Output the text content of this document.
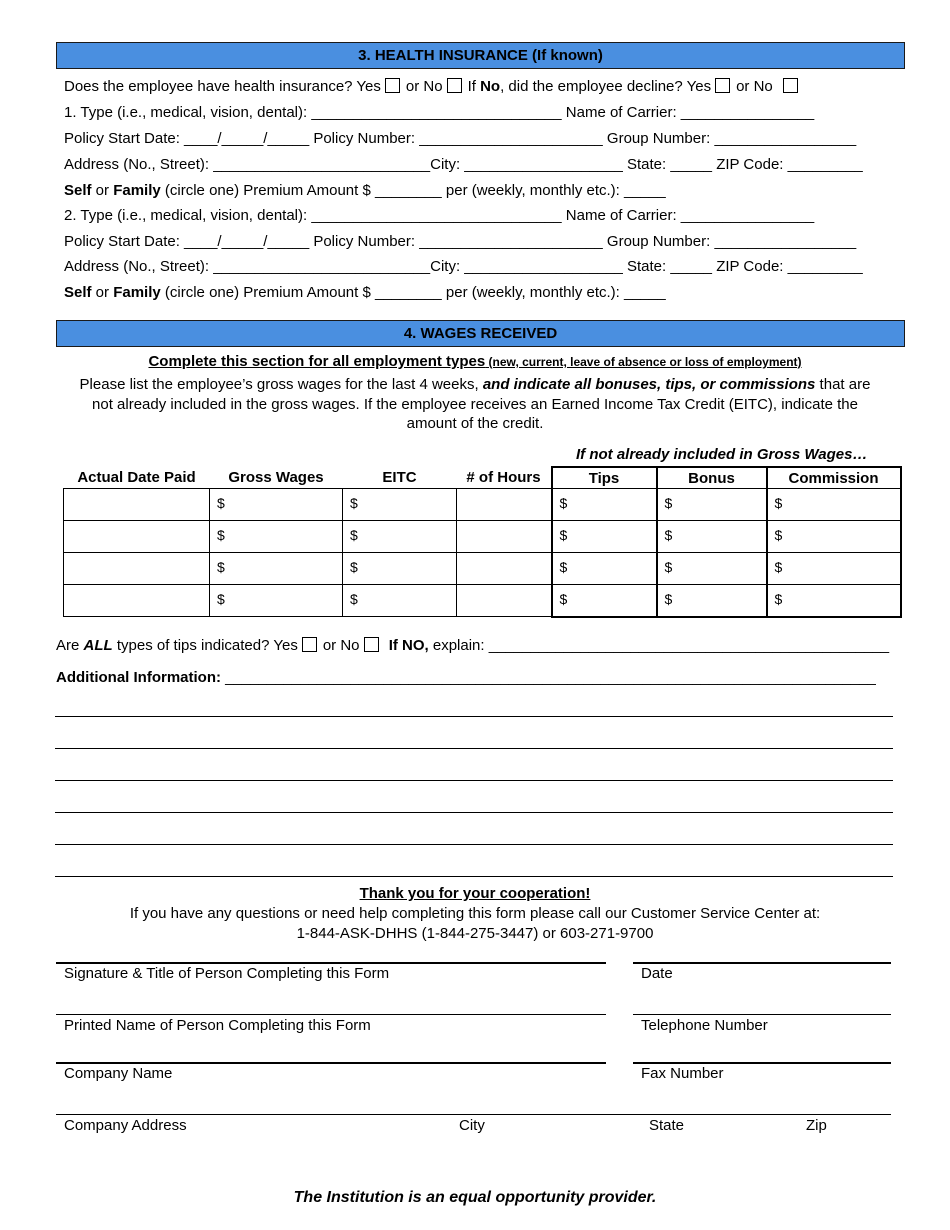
3. HEALTH INSURANCE (If known)
Does the employee have health insurance? Yes or No If No, did the employee decline? Yes or No
1. Type (i.e., medical, vision, dental): ______________________________ Name of Carrier: ________________
Policy Start Date: ____/_____/_____ Policy Number: ______________________ Group Number: _________________
Address (No., Street): __________________________City: ___________________ State: _____ ZIP Code: _________
Self or Family (circle one) Premium Amount $ ________ per (weekly, monthly etc.): _____
2. Type (i.e., medical, vision, dental): ______________________________ Name of Carrier: ________________
Policy Start Date: ____/_____/_____ Policy Number: ______________________ Group Number: _________________
Address (No., Street): __________________________City: ___________________ State: _____ ZIP Code: _________
Self or Family (circle one) Premium Amount $ ________ per (weekly, monthly etc.): _____
4. WAGES RECEIVED
Complete this section for all employment types (new, current, leave of absence or loss of employment)
Please list the employee’s gross wages for the last 4 weeks, and indicate all bonuses, tips, or commissions that are
not already included in the gross wages. If the employee receives an Earned Income Tax Credit (EITC), indicate the
amount of the credit.
If not already included in Gross Wages…
Actual Date Paid	Gross Wages	EITC	# of Hours	Tips	Bonus	Commission
	$	$		$	$	$
	$	$		$	$	$
	$	$		$	$	$
	$	$		$	$	$
Are ALL types of tips indicated? Yes or No If NO, explain: ________________________________________________
Additional Information: ______________________________________________________________________________
Thank you for your cooperation!
If you have any questions or need help completing this form please call our Customer Service Center at:
1-844-ASK-DHHS (1-844-275-3447) or 603-271-9700
Signature & Title of Person Completing this Form	Date
Printed Name of Person Completing this Form	Telephone Number
Company Name	Fax Number
Company Address	City	State	Zip
The Institution is an equal opportunity provider.
